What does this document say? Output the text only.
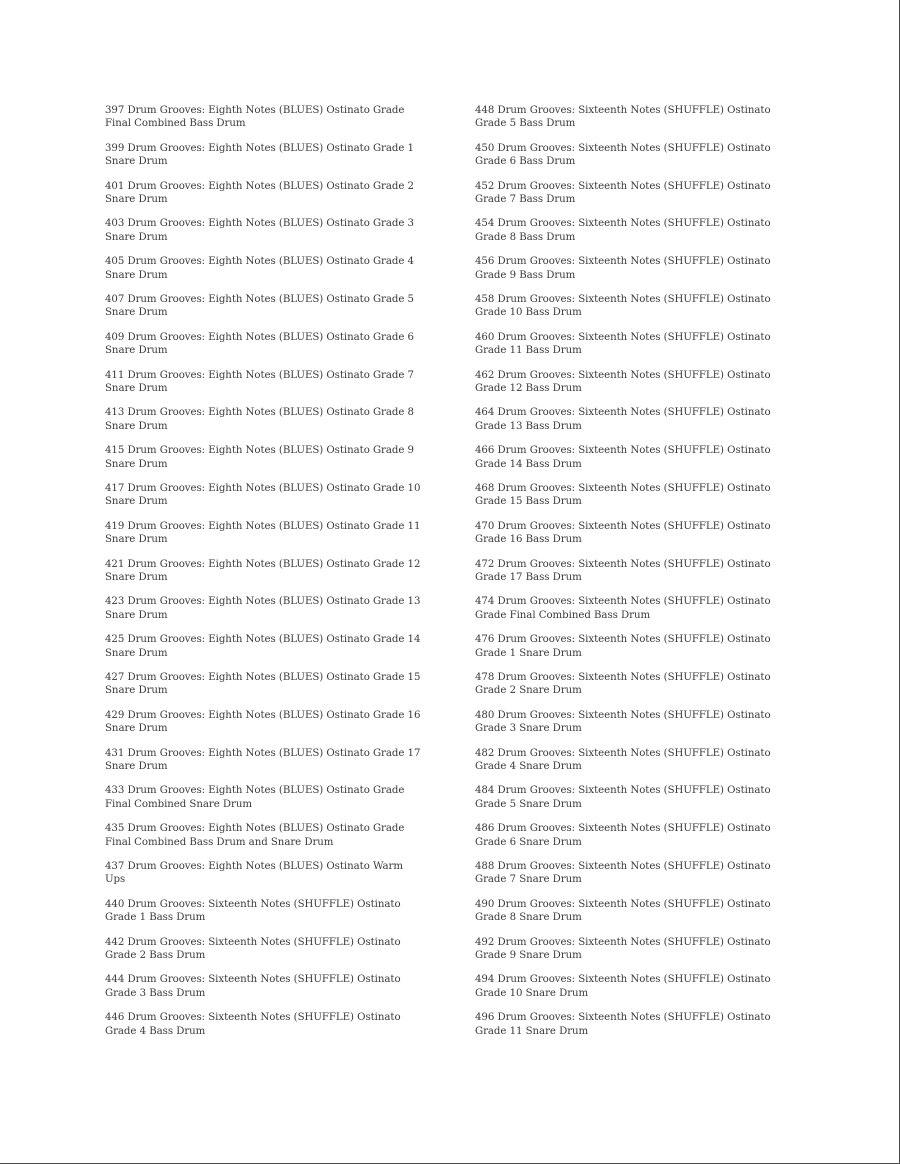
397 Drum Grooves: Eighth Notes (BLUES) Ostinato Grade Final Combined Bass Drum
399 Drum Grooves: Eighth Notes (BLUES) Ostinato Grade 1 Snare Drum
401 Drum Grooves: Eighth Notes (BLUES) Ostinato Grade 2 Snare Drum
403 Drum Grooves: Eighth Notes (BLUES) Ostinato Grade 3 Snare Drum
405 Drum Grooves: Eighth Notes (BLUES) Ostinato Grade 4 Snare Drum
407 Drum Grooves: Eighth Notes (BLUES) Ostinato Grade 5 Snare Drum
409 Drum Grooves: Eighth Notes (BLUES) Ostinato Grade 6 Snare Drum
411 Drum Grooves: Eighth Notes (BLUES) Ostinato Grade 7 Snare Drum
413 Drum Grooves: Eighth Notes (BLUES) Ostinato Grade 8 Snare Drum
415 Drum Grooves: Eighth Notes (BLUES) Ostinato Grade 9 Snare Drum
417 Drum Grooves: Eighth Notes (BLUES) Ostinato Grade 10 Snare Drum
419 Drum Grooves: Eighth Notes (BLUES) Ostinato Grade 11 Snare Drum
421 Drum Grooves: Eighth Notes (BLUES) Ostinato Grade 12 Snare Drum
423 Drum Grooves: Eighth Notes (BLUES) Ostinato Grade 13 Snare Drum
425 Drum Grooves: Eighth Notes (BLUES) Ostinato Grade 14 Snare Drum
427 Drum Grooves: Eighth Notes (BLUES) Ostinato Grade 15 Snare Drum
429 Drum Grooves: Eighth Notes (BLUES) Ostinato Grade 16 Snare Drum
431 Drum Grooves: Eighth Notes (BLUES) Ostinato Grade 17 Snare Drum
433 Drum Grooves: Eighth Notes (BLUES) Ostinato Grade Final Combined Snare Drum
435 Drum Grooves: Eighth Notes (BLUES) Ostinato Grade Final Combined Bass Drum and Snare Drum
437 Drum Grooves: Eighth Notes (BLUES) Ostinato Warm Ups
440 Drum Grooves: Sixteenth Notes (SHUFFLE) Ostinato Grade 1 Bass Drum
442 Drum Grooves: Sixteenth Notes (SHUFFLE) Ostinato Grade 2 Bass Drum
444 Drum Grooves: Sixteenth Notes (SHUFFLE) Ostinato Grade 3 Bass Drum
446 Drum Grooves: Sixteenth Notes (SHUFFLE) Ostinato Grade 4 Bass Drum
448 Drum Grooves: Sixteenth Notes (SHUFFLE) Ostinato Grade 5 Bass Drum
450 Drum Grooves: Sixteenth Notes (SHUFFLE) Ostinato Grade 6 Bass Drum
452 Drum Grooves: Sixteenth Notes (SHUFFLE) Ostinato Grade 7 Bass Drum
454 Drum Grooves: Sixteenth Notes (SHUFFLE) Ostinato Grade 8 Bass Drum
456 Drum Grooves: Sixteenth Notes (SHUFFLE) Ostinato Grade 9 Bass Drum
458 Drum Grooves: Sixteenth Notes (SHUFFLE) Ostinato Grade 10 Bass Drum
460 Drum Grooves: Sixteenth Notes (SHUFFLE) Ostinato Grade 11 Bass Drum
462 Drum Grooves: Sixteenth Notes (SHUFFLE) Ostinato Grade 12 Bass Drum
464 Drum Grooves: Sixteenth Notes (SHUFFLE) Ostinato Grade 13 Bass Drum
466 Drum Grooves: Sixteenth Notes (SHUFFLE) Ostinato Grade 14 Bass Drum
468 Drum Grooves: Sixteenth Notes (SHUFFLE) Ostinato Grade 15 Bass Drum
470 Drum Grooves: Sixteenth Notes (SHUFFLE) Ostinato Grade 16 Bass Drum
472 Drum Grooves: Sixteenth Notes (SHUFFLE) Ostinato Grade 17 Bass Drum
474 Drum Grooves: Sixteenth Notes (SHUFFLE) Ostinato Grade Final Combined Bass Drum
476 Drum Grooves: Sixteenth Notes (SHUFFLE) Ostinato Grade 1 Snare Drum
478 Drum Grooves: Sixteenth Notes (SHUFFLE) Ostinato Grade 2 Snare Drum
480 Drum Grooves: Sixteenth Notes (SHUFFLE) Ostinato Grade 3 Snare Drum
482 Drum Grooves: Sixteenth Notes (SHUFFLE) Ostinato Grade 4 Snare Drum
484 Drum Grooves: Sixteenth Notes (SHUFFLE) Ostinato Grade 5 Snare Drum
486 Drum Grooves: Sixteenth Notes (SHUFFLE) Ostinato Grade 6 Snare Drum
488 Drum Grooves: Sixteenth Notes (SHUFFLE) Ostinato Grade 7 Snare Drum
490 Drum Grooves: Sixteenth Notes (SHUFFLE) Ostinato Grade 8 Snare Drum
492 Drum Grooves: Sixteenth Notes (SHUFFLE) Ostinato Grade 9 Snare Drum
494 Drum Grooves: Sixteenth Notes (SHUFFLE) Ostinato Grade 10 Snare Drum
496 Drum Grooves: Sixteenth Notes (SHUFFLE) Ostinato Grade 11 Snare Drum
